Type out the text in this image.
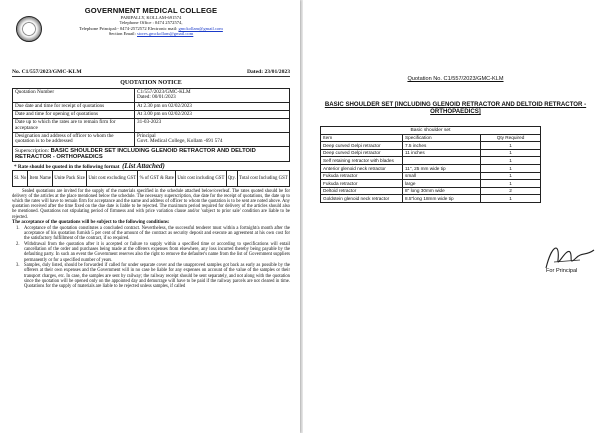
GOVERNMENT MEDICAL COLLEGE
PARIPALLY, KOLLAM-691574
Telephone Office : 0474 2572574,
Telephone Principal:- 0474-2572572 Electronic mail: gmckollam@gmail.com
Section Email: stores.gmckollam@gmail.com
No. C1/557/2023/GMC-KLM	Dated: 23/01/2023
QUOTATION NOTICE
Quotation Number	C1/557/2023/GMC-KLM
Dated: 00/01/2023
Due date and time for receipt of quotations	At 2.30 pm on 02/02/2023
Date and time for opening of quotations	At 3.00 pm on 02/02/2023
Date up to which the rates are to remain firm for acceptance	31-03-2023
Designation and address of officer to whom the quotation is to be addressed	Principal
Govt. Medical College, Kollam -691 574
Superscription: BASIC SHOULDER SET INCLUDING GLENOID RETRACTOR AND DELTOID RETRACTOR - ORTHOPAEDICS
* Rate should be quoted in the following format (List Attached)
Sl. No	Item Name	Unite Pack Size	Unit cost excluding GST	% of GST & Rate	Unit cost including GST	Qty.	Total cost Including GST

Sealed quotations are invited for the supply of the materials specified in the schedule attached below/overleaf. The rates quoted should be for delivery of the articles at the place mentioned below the schedule. The necessary superscription, due date for the receipt of quotations, the date up to which the rates will have to remain firm for acceptance and the name and address of officer to whom the quotation is to be sent are noted above. Any quotation received after the time fixed on the due date is liable to be rejected. The maximum period required for delivery of the articles should also be mentioned. Quotations not stipulating period of firmness and with price variation clause and/or 'subject to prior sale' condition are liable to be rejected.

The acceptance of the quotations will be subject to the following conditions:

1. Acceptance of the quotation constitutes a concluded contract. Nevertheless, the successful tenderer must within a fortnight/a month after the acceptance of his quotation furnish 5 per cent of the amount of the contract as security deposit and execute an agreement at his own cost for the satisfactory fulfillment of the contract, if so required.

2. Withdrawal from the quotation after it is accepted or failure to supply within a specified time or according to specifications will entail cancellation of the order and purchases being made at the offerers expenses from elsewhere, any loss incurred thereby being payable by the defaulting party. In such an event the Government reserves also the right to remove the defaulter's name from the list of Government suppliers permanently or for a specified number of years.

3. Samples, duly listed, should be forwarded if called for under separate cover and the unapproved samples got back as early as possible by the offerers at their own expenses and the Government will in no case be liable for any expenses on account of the value of the samples or their transport charges, etc. In case, the samples are sent by railway; the railway receipt should be sent separately, and not along with the quotation since the quotation will be opened only on the appointed day and demurrage will have to be paid if the railway parcels are not cleared in time. Quotations for the supply of materials are liable to be rejected unless samples, if called

Quotation No. C1/557/2023/GMC-KLM
BASIC SHOULDER SET [INCLUDING GLENOID RETRACTOR AND DELTOID RETRACTOR - ORTHOPAEDICS]
Basic shoulder set
Item	Specification	Qty Required
Deep curved Gelpi retractor	7.5 inches	1
Deep curved Gelpi retractor	11 inches	1
Self retaining retractor with blades		1
Anterior glenoid neck retractor	11", 25 mm wide tip	1
Fukuda retractor	small	1
Fukuda retractor	large	1
Deltoid retractor	8" long 30mm wide	2
Goldstein glenoid neck retractor	8.5"long 18mm wide tip	1
For Principal
